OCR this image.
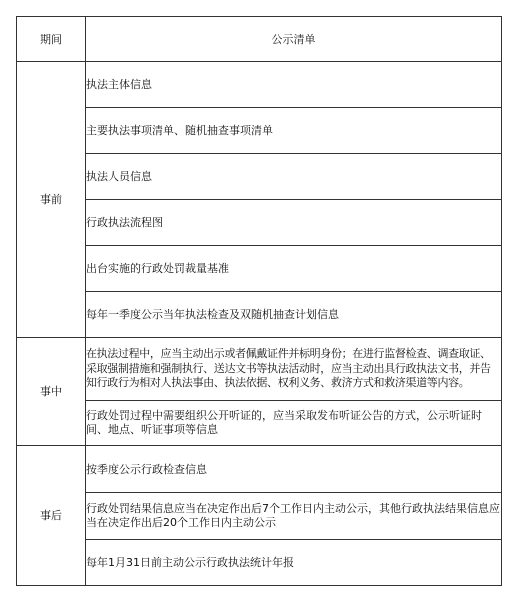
期间	公示清单
事前	执法主体信息
	主要执法事项清单、随机抽查事项清单
	执法人员信息
	行政执法流程图
	出台实施的行政处罚裁量基准
	每年一季度公示当年执法检查及双随机抽查计划信息
事中	在执法过程中，应当主动出示或者佩戴证件并标明身份；在进行监督检查、调查取证、采取强制措施和强制执行、送达文书等执法活动时，应当主动出具行政执法文书，并告知行政行为相对人执法事由、执法依据、权利义务、救济方式和救济渠道等内容。
	行政处罚过程中需要组织公开听证的，应当采取发布听证公告的方式，公示听证时间、地点、听证事项等信息
事后	按季度公示行政检查信息
	行政处罚结果信息应当在决定作出后7个工作日内主动公示，其他行政执法结果信息应当在决定作出后20个工作日内主动公示
	每年1月31日前主动公示行政执法统计年报
